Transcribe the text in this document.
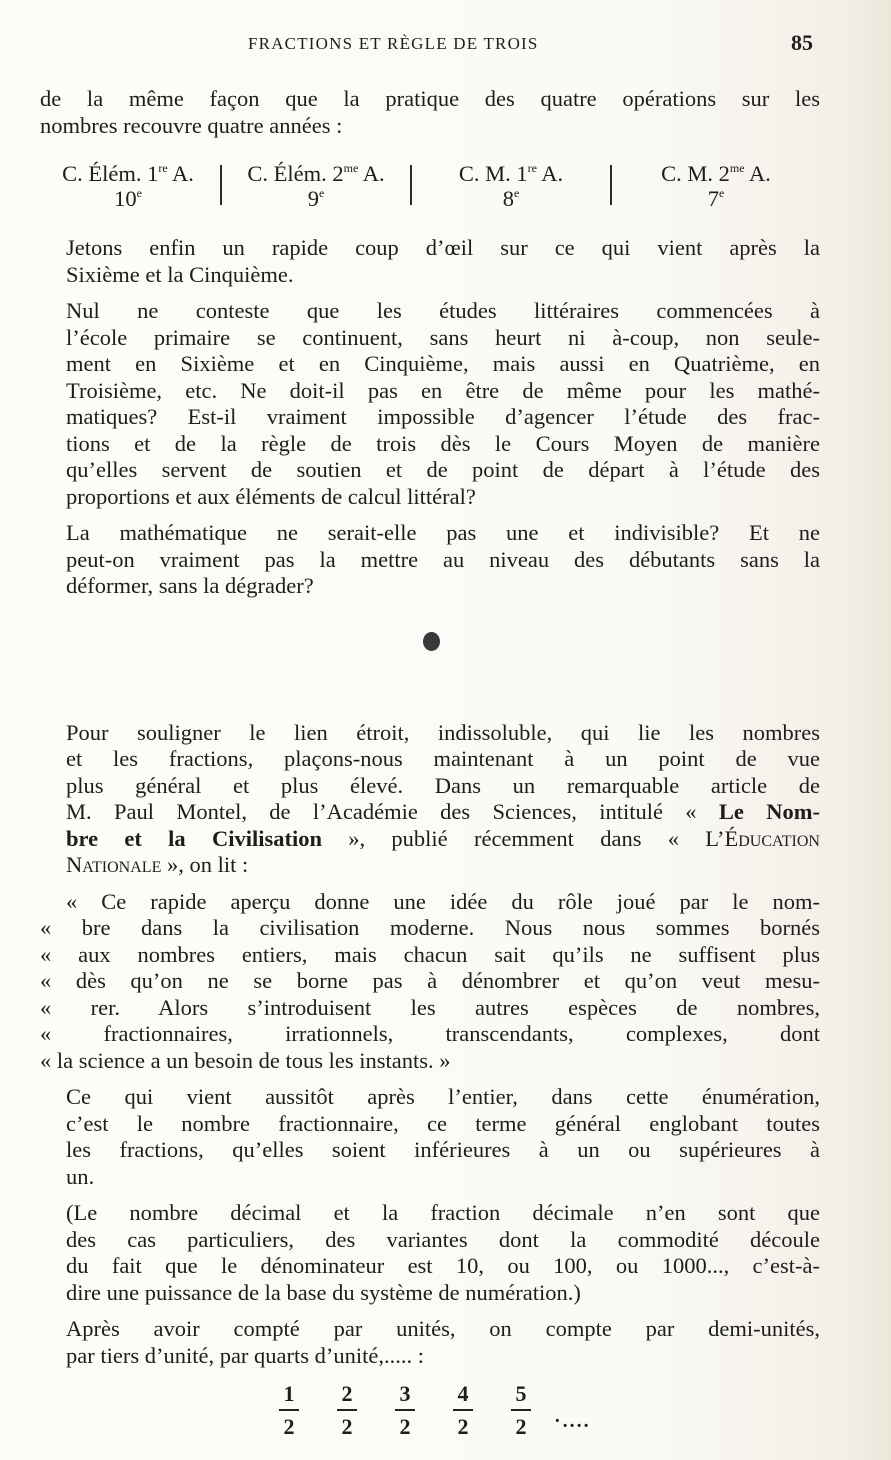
FRACTIONS ET RÈGLE DE TROIS	85

de la même façon que la pratique des quatre opérations sur les
nombres recouvre quatre années :

C. Élém. 1re A.
10e
C. Élém. $2^{me}$ A.
9e
C. M. 1re A.
8e
C. M. $2^{me}$ A.
7e

Jetons enfin un rapide coup d’œil sur ce qui vient après la
Sixième et la Cinquième.

Nul ne conteste que les études littéraires commencées à
l’école primaire se continuent, sans heurt ni à-coup, non seule-
ment en Sixième et en Cinquième, mais aussi en Quatrième, en
Troisième, etc. Ne doit-il pas en être de même pour les mathé-
matiques? Est-il vraiment impossible d’agencer l’étude des frac-
tions et de la règle de trois dès le Cours Moyen de manière
qu’elles servent de soutien et de point de départ à l’étude des
proportions et aux éléments de calcul littéral?

La mathématique ne serait-elle pas une et indivisible? Et ne
peut-on vraiment pas la mettre au niveau des débutants sans la
déformer, sans la dégrader?

Pour souligner le lien étroit, indissoluble, qui lie les nombres
et les fractions, plaçons-nous maintenant à un point de vue
plus général et plus élevé. Dans un remarquable article de
M. Paul Montel, de l’Académie des Sciences, intitulé « Le Nom-
bre et la Civilisation », publié récemment dans « L’Éducation
Nationale », on lit :

« Ce rapide aperçu donne une idée du rôle joué par le nom-
« bre dans la civilisation moderne. Nous nous sommes bornés
« aux nombres entiers, mais chacun sait qu’ils ne suffisent plus
« dès qu’on ne se borne pas à dénombrer et qu’on veut mesu-
« rer. Alors s’introduisent les autres espèces de nombres,
« fractionnaires, irrationnels, transcendants, complexes, dont
« la science a un besoin de tous les instants. »

Ce qui vient aussitôt après l’entier, dans cette énumération,
c’est le nombre fractionnaire, ce terme général englobant toutes
les fractions, qu’elles soient inférieures à un ou supérieures à
un.

(Le nombre décimal et la fraction décimale n’en sont que
des cas particuliers, des variantes dont la commodité découle
du fait que le dénominateur est 10, ou 100, ou 1000..., c’est-à-
dire une puissance de la base du système de numération.)

Après avoir compté par unités, on compte par demi-unités,
par tiers d’unité, par quarts d’unité,..... :

$\frac{1}{2} \frac{2}{2} \frac{3}{2} \frac{4}{2} \frac{5}{2}$ ·....
